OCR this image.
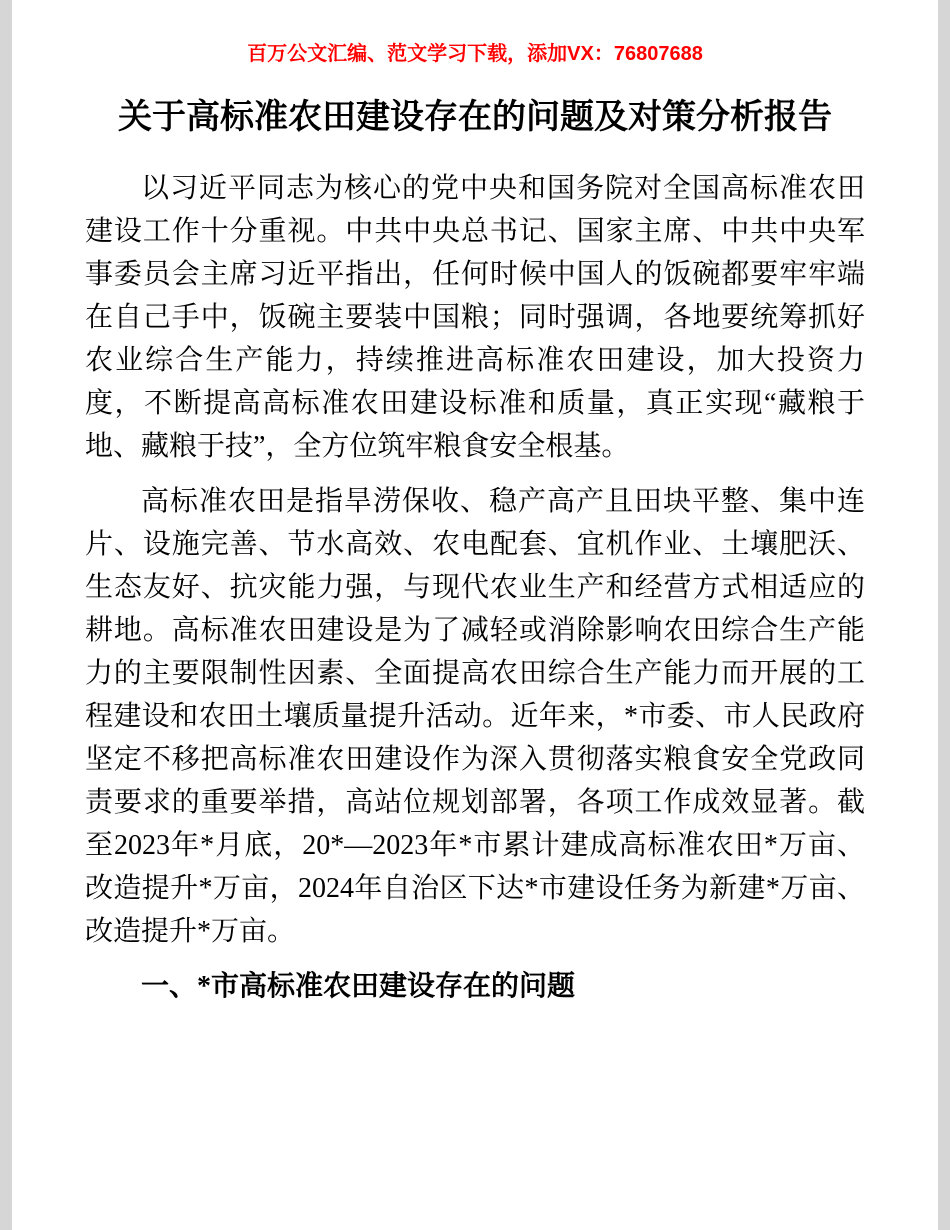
百万公文汇编、范文学习下载，添加VX：76807688
关于高标准农田建设存在的问题及对策分析报告

以习近平同志为核心的党中央和国务院对全国高标准农田建设工作十分重视。中共中央总书记、国家主席、中共中央军事委员会主席习近平指出，任何时候中国人的饭碗都要牢牢端在自己手中，饭碗主要装中国粮；同时强调，各地要统筹抓好农业综合生产能力，持续推进高标准农田建设，加大投资力度，不断提高高标准农田建设标准和质量，真正实现“藏粮于地、藏粮于技”，全方位筑牢粮食安全根基。

高标准农田是指旱涝保收、稳产高产且田块平整、集中连片、设施完善、节水高效、农电配套、宜机作业、土壤肥沃、生态友好、抗灾能力强，与现代农业生产和经营方式相适应的耕地。高标准农田建设是为了减轻或消除影响农田综合生产能力的主要限制性因素、全面提高农田综合生产能力而开展的工程建设和农田土壤质量提升活动。近年来，*市委、市人民政府坚定不移把高标准农田建设作为深入贯彻落实粮食安全党政同责要求的重要举措，高站位规划部署，各项工作成效显著。截至2023年*月底，20*—2023年*市累计建成高标准农田*万亩、改造提升*万亩，2024年自治区下达*市建设任务为新建*万亩、改造提升*万亩。

一、*市高标准农田建设存在的问题
